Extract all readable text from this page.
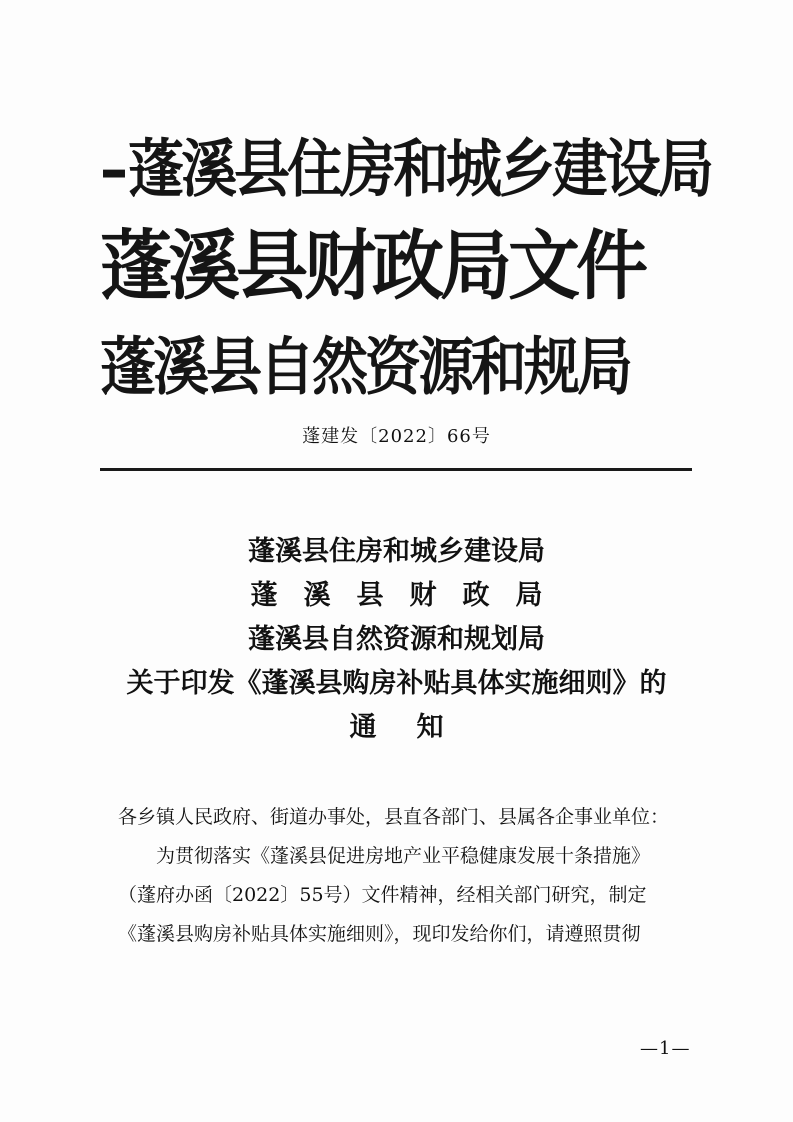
–蓬溪县住房和城乡建设局
蓬溪县财政局文件
蓬溪县自然资源和规局
蓬建发〔2022〕66号
蓬溪县住房和城乡建设局
蓬溪县财政局
蓬溪县自然资源和规划局
关于印发《蓬溪县购房补贴具体实施细则》的
通知

各乡镇人民政府、街道办事处，县直各部门、县属各企事业单位：

为贯彻落实《蓬溪县促进房地产业平稳健康发展十条措施》

（蓬府办函〔2022〕55号）文件精神，经相关部门研究，制定

《蓬溪县购房补贴具体实施细则》，现印发给你们，请遵照贯彻

—1—
